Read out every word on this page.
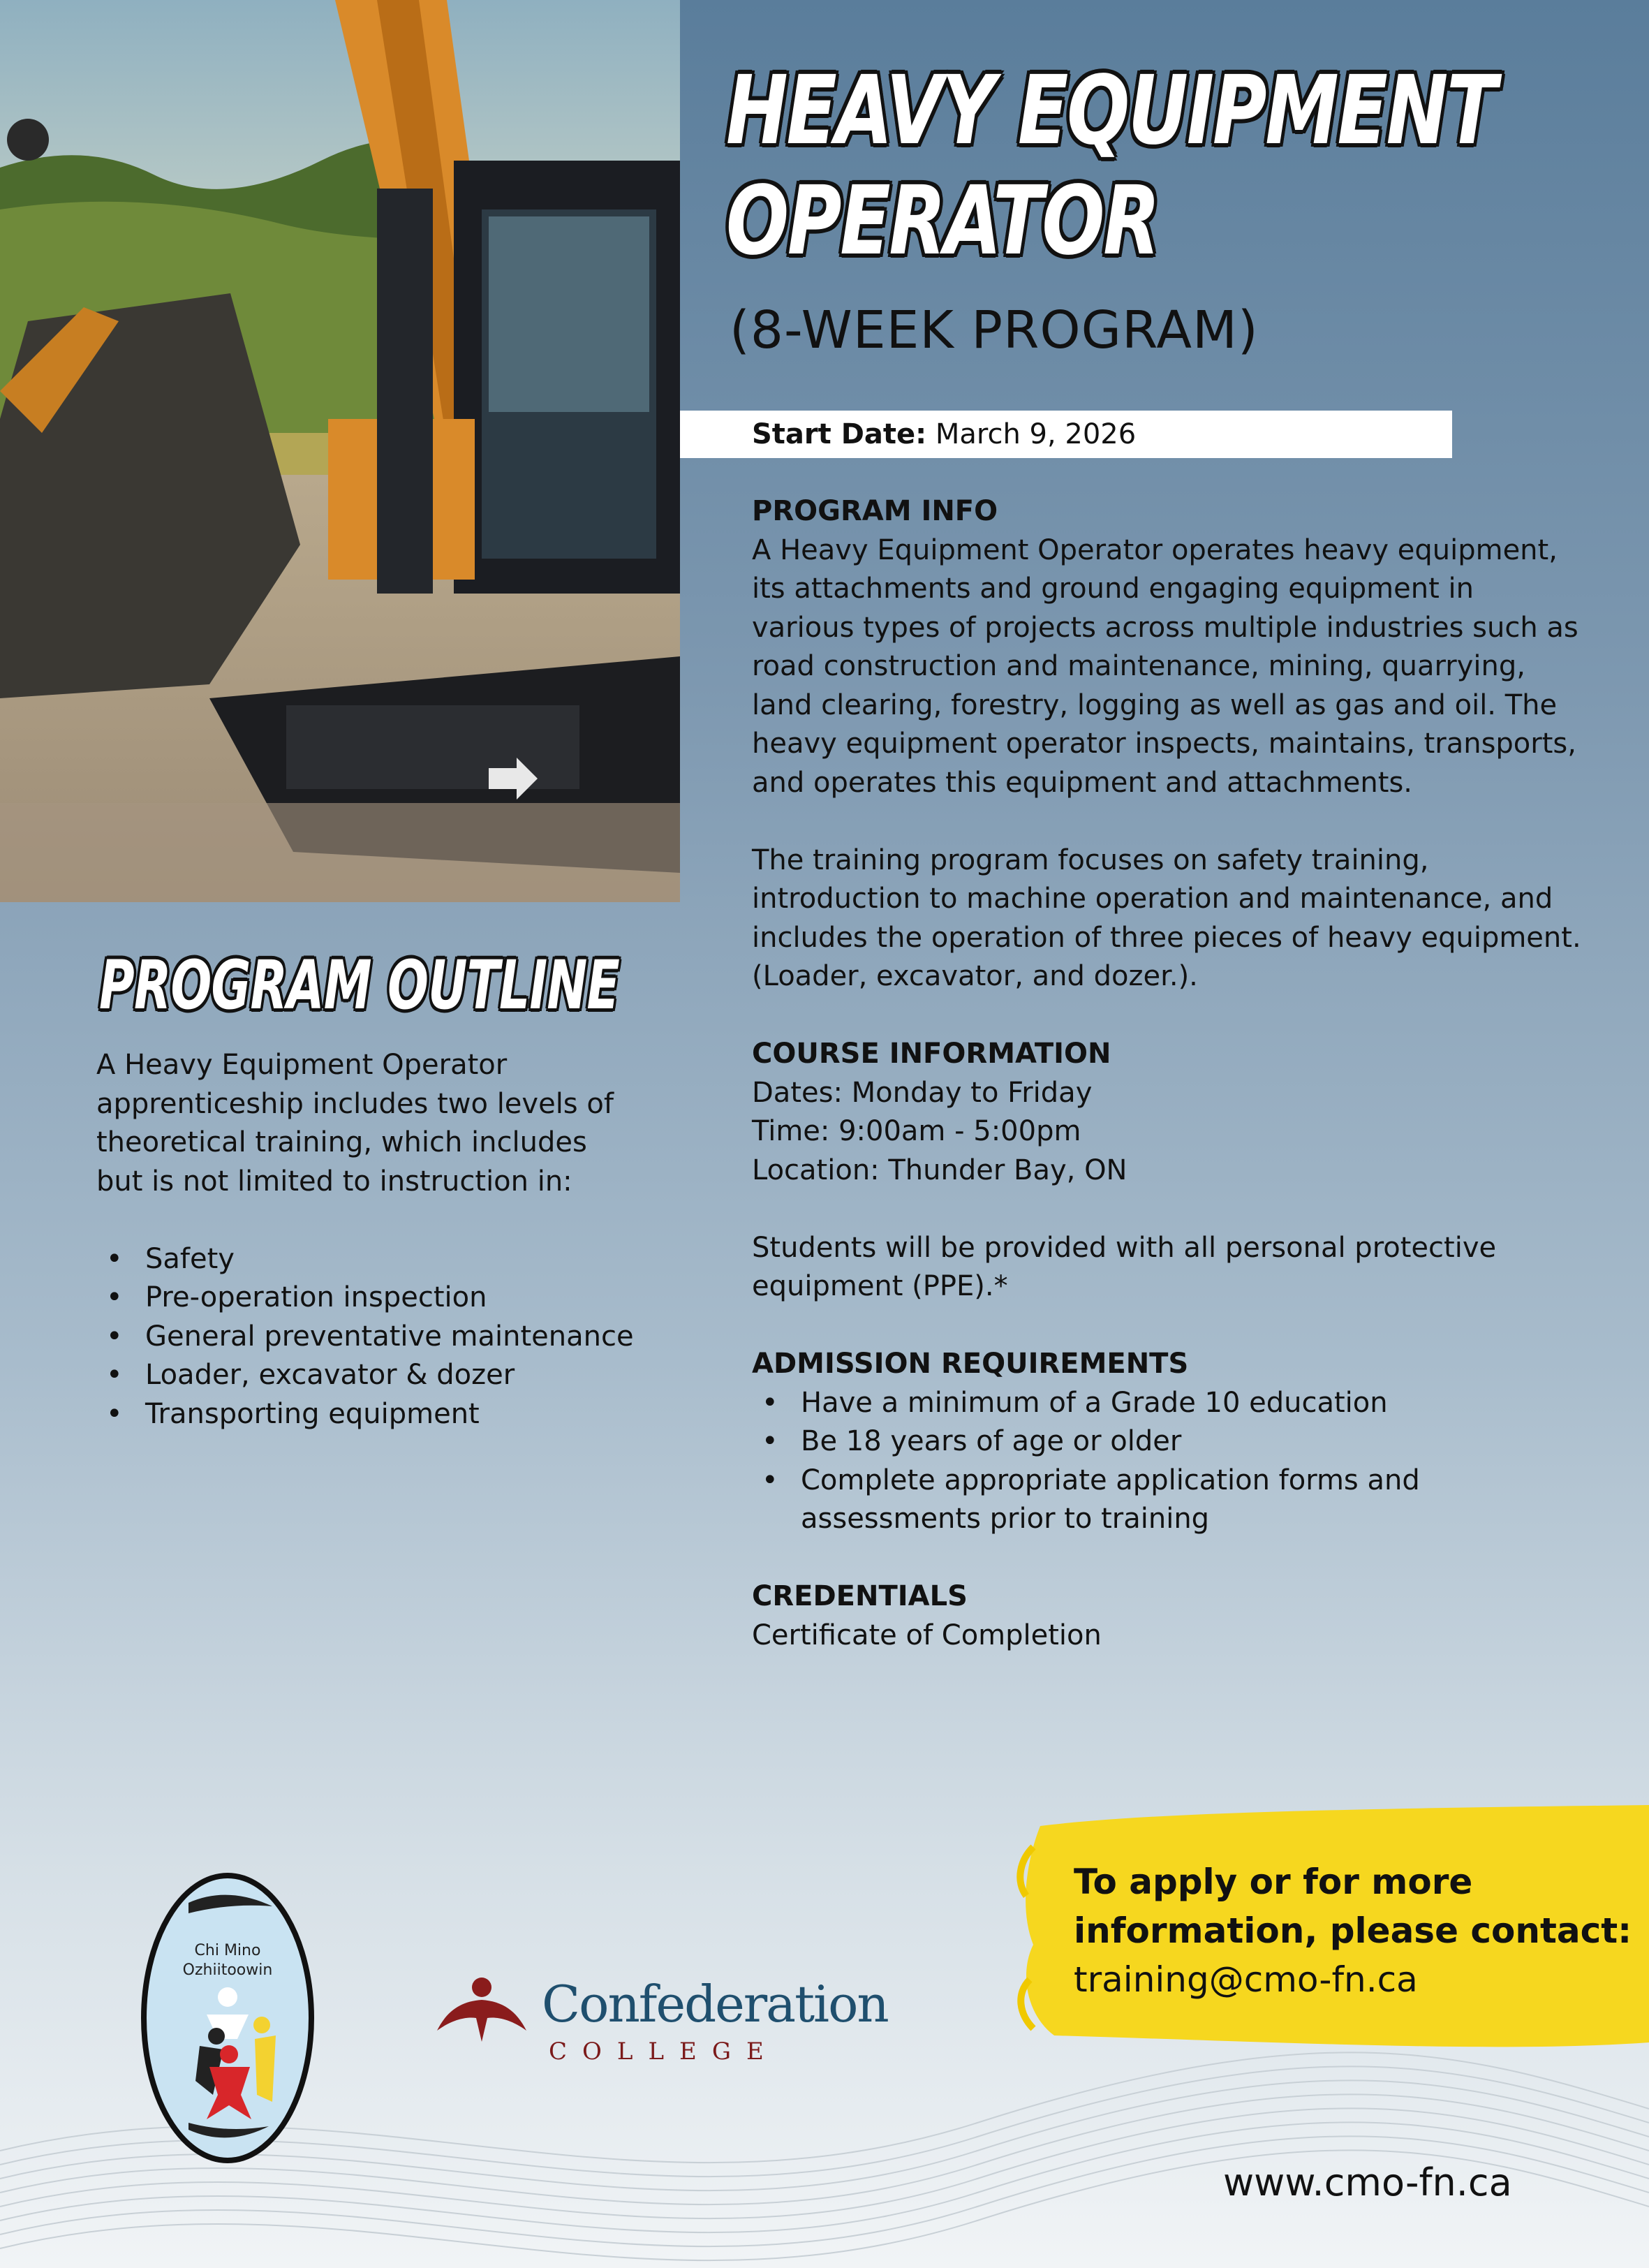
HEAVY EQUIPMENT
OPERATOR
(8-WEEK PROGRAM)
Start Date: March 9, 2026
PROGRAM INFO

A Heavy Equipment Operator operates heavy equipment, its attachments and ground engaging equipment in various types of projects across multiple industries such as road construction and maintenance, mining, quarrying, land clearing, forestry, logging as well as gas and oil. The heavy equipment operator inspects, maintains, transports, and operates this equipment and attachments.

The training program focuses on safety training, introduction to machine operation and maintenance, and includes the operation of three pieces of heavy equipment. (Loader, excavator, and dozer.).

COURSE INFORMATION

Dates: Monday to Friday

Time: 9:00am - 5:00pm

Location: Thunder Bay, ON

Students will be provided with all personal protective equipment (PPE).*

ADMISSION REQUIREMENTS
• Have a minimum of a Grade 10 education
• Be 18 years of age or older
• Complete appropriate application forms and assessments prior to training
CREDENTIALS

Certificate of Completion

PROGRAM OUTLINE

A Heavy Equipment Operator apprenticeship includes two levels of theoretical training, which includes but is not limited to instruction in:

• Safety
• Pre-operation inspection
• General preventative maintenance
• Loader, excavator & dozer
• Transporting equipment
Chi Mino
Ozhiitoowin
Confederation
COLLEGE
To apply or for more
information, please contact:
training@cmo-fn.ca
www.cmo-fn.ca
